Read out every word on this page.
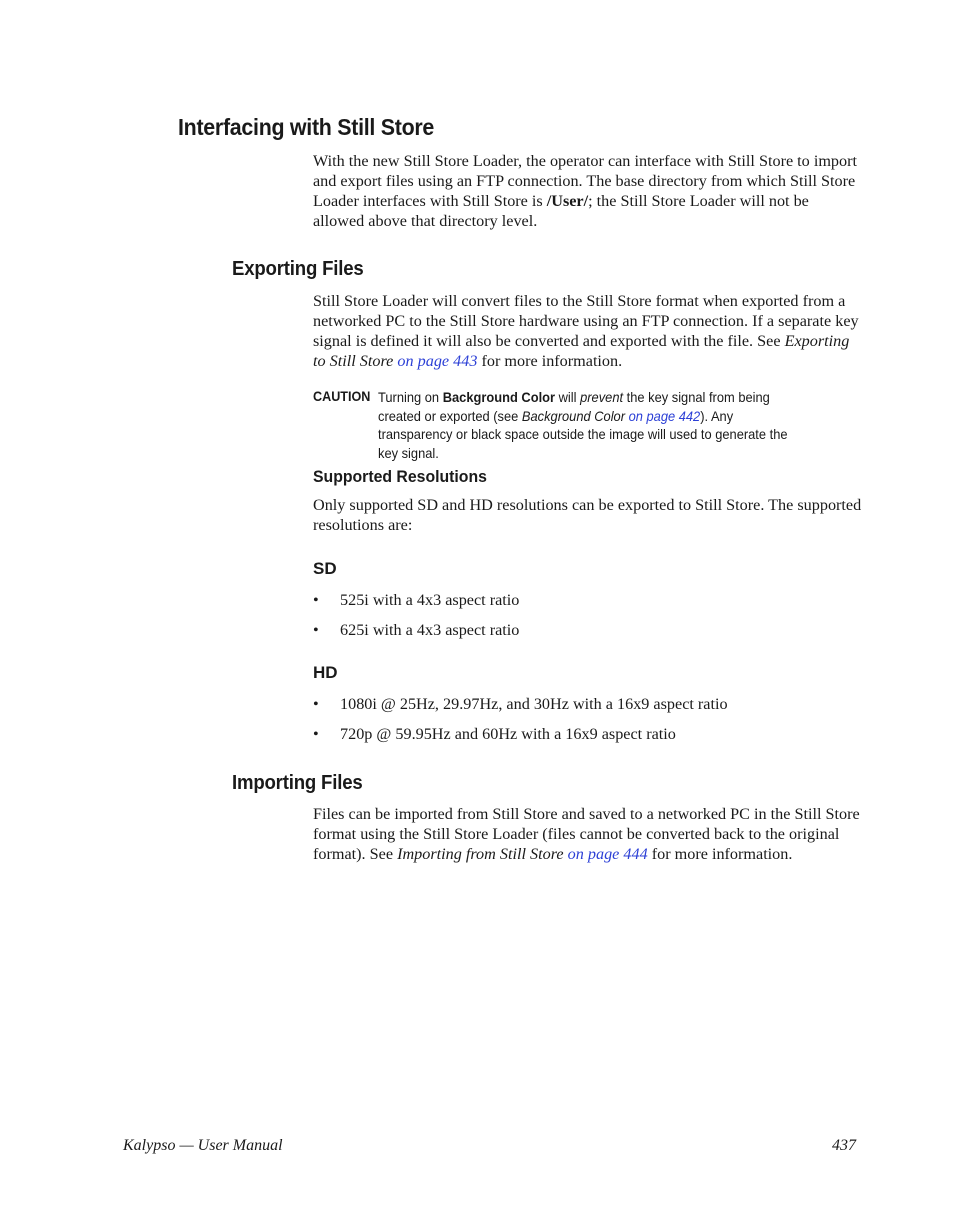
Interfacing with Still Store

With the new Still Store Loader, the operator can interface with Still Store to import and export files using an FTP connection. The base directory from which Still Store Loader interfaces with Still Store is /User/; the Still Store Loader will not be allowed above that directory level.

Exporting Files

Still Store Loader will convert files to the Still Store format when exported from a networked PC to the Still Store hardware using an FTP connection. If a separate key signal is defined it will also be converted and exported with the file. See Exporting to Still Store on page 443 for more information.

CAUTION Turning on Background Color will prevent the key signal from being created or exported (see Background Color on page 442). Any transparency or black space outside the image will used to generate the key signal.
Supported Resolutions

Only supported SD and HD resolutions can be exported to Still Store. The supported resolutions are:

SD
• 525i with a 4x3 aspect ratio
• 625i with a 4x3 aspect ratio
HD
• 1080i @ 25Hz, 29.97Hz, and 30Hz with a 16x9 aspect ratio
• 720p @ 59.95Hz and 60Hz with a 16x9 aspect ratio
Importing Files

Files can be imported from Still Store and saved to a networked PC in the Still Store format using the Still Store Loader (files cannot be converted back to the original format). See Importing from Still Store on page 444 for more information.

Kalypso — User Manual	437
